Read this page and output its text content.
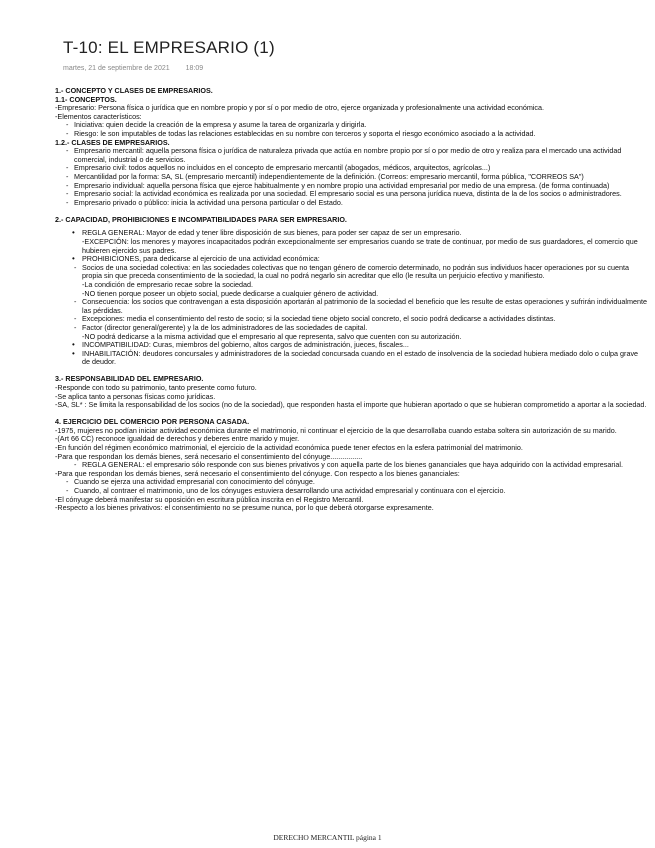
T-10: EL EMPRESARIO (1)
martes, 21 de septiembre de 2021 18:09

1.- CONCEPTO Y CLASES DE EMPRESARIOS.

1.1- CONCEPTOS.

-Empresario: Persona física o jurídica que en nombre propio y por sí o por medio de otro, ejerce organizada y profesionalmente una actividad económica.

-Elementos característicos:

- Iniciativa: quien decide la creación de la empresa y asume la tarea de organizarla y dirigirla.
- Riesgo: le son imputables de todas las relaciones establecidas en su nombre con terceros y soporta el riesgo económico asociado a la actividad.

1.2.- CLASES DE EMPRESARIOS.

- Empresario mercantil: aquella persona física o jurídica de naturaleza privada que actúa en nombre propio por sí o por medio de otro y realiza para el mercado una actividad comercial, industrial o de servicios.
- Empresario civil: todos aquellos no incluidos en el concepto de empresario mercantil (abogados, médicos, arquitectos, agrícolas...)
- Mercantilidad por la forma: SA, SL (empresario mercantil) independientemente de la definición. (Correos: empresario mercantil, forma pública, "CORREOS SA")
- Empresario individual: aquella persona física que ejerce habitualmente y en nombre propio una actividad empresarial por medio de una empresa. (de forma continuada)
- Empresario social: la actividad económica es realizada por una sociedad. El empresario social es una persona jurídica nueva, distinta de la de los socios o administradores.
- Empresario privado o público: inicia la actividad una persona particular o del Estado.

2.- CAPACIDAD, PROHIBICIONES E INCOMPATIBILIDADES PARA SER EMPRESARIO.

• REGLA GENERAL: Mayor de edad y tener libre disposición de sus bienes, para poder ser capaz de ser un empresario.

-EXCEPCIÓN: los menores y mayores incapacitados podrán excepcionalmente ser empresarios cuando se trate de continuar, por medio de sus guardadores, el comercio que hubieren ejercido sus padres.

• PROHIBICIONES, para dedicarse al ejercicio de una actividad económica:
- Socios de una sociedad colectiva: en las sociedades colectivas que no tengan género de comercio determinado, no podrán sus individuos hacer operaciones por su cuenta propia sin que preceda consentimiento de la sociedad, la cual no podrá negarlo sin acreditar que ello (le resulta un perjuicio efectivo y manifiesto.

-La condición de empresario recae sobre la sociedad.

-NO tienen porque poseer un objeto social, puede dedicarse a cualquier género de actividad.

- Consecuencia: los socios que contravengan a esta disposición aportarán al patrimonio de la sociedad el beneficio que les resulte de estas operaciones y sufrirán individualmente las pérdidas.
- Excepciones: media el consentimiento del resto de socio; si la sociedad tiene objeto social concreto, el socio podrá dedicarse a actividades distintas.
- Factor (director general/gerente) y la de los administradores de las sociedades de capital.

-NO podrá dedicarse a la misma actividad que el empresario al que representa, salvo que cuenten con su autorización.

• INCOMPATIBILIDAD: Curas, miembros del gobierno, altos cargos de administración, jueces, fiscales...
• INHABILITACIÓN: deudores concursales y administradores de la sociedad concursada cuando en el estado de insolvencia de la sociedad hubiera mediado dolo o culpa grave de deudor.

3.- RESPONSABILIDAD DEL EMPRESARIO.

-Responde con todo su patrimonio, tanto presente como futuro.

-Se aplica tanto a personas físicas como jurídicas.

-SA, SL* : Se limita la responsabilidad de los socios (no de la sociedad), que responden hasta el importe que hubieran aportado o que se hubieran comprometido a aportar a la sociedad.

4. EJERCICIO DEL COMERCIO POR PERSONA CASADA.

-1975, mujeres no podían iniciar actividad económica durante el matrimonio, ni continuar el ejercicio de la que desarrollaba cuando estaba soltera sin autorización de su marido.

-(Art 66 CC) reconoce igualdad de derechos y deberes entre marido y mujer.

-En función del régimen económico matrimonial, el ejercicio de la actividad económica puede tener efectos en la esfera patrimonial del matrimonio.

-Para que respondan los demás bienes, será necesario el consentimiento del cónyuge................

- REGLA GENERAL: el empresario sólo responde con sus bienes privativos y con aquella parte de los bienes gananciales que haya adquirido con la actividad empresarial.

-Para que respondan los demás bienes, será necesario el consentimiento del cónyuge. Con respecto a los bienes gananciales:

- Cuando se ejerza una actividad empresarial con conocimiento del cónyuge.
- Cuando, al contraer el matrimonio, uno de los cónyuges estuviera desarrollando una actividad empresarial y continuara con el ejercicio.

-El cónyuge deberá manifestar su oposición en escritura pública inscrita en el Registro Mercantil.

-Respecto a los bienes privativos: el consentimiento no se presume nunca, por lo que deberá otorgarse expresamente.

DERECHO MERCANTIL página 1
